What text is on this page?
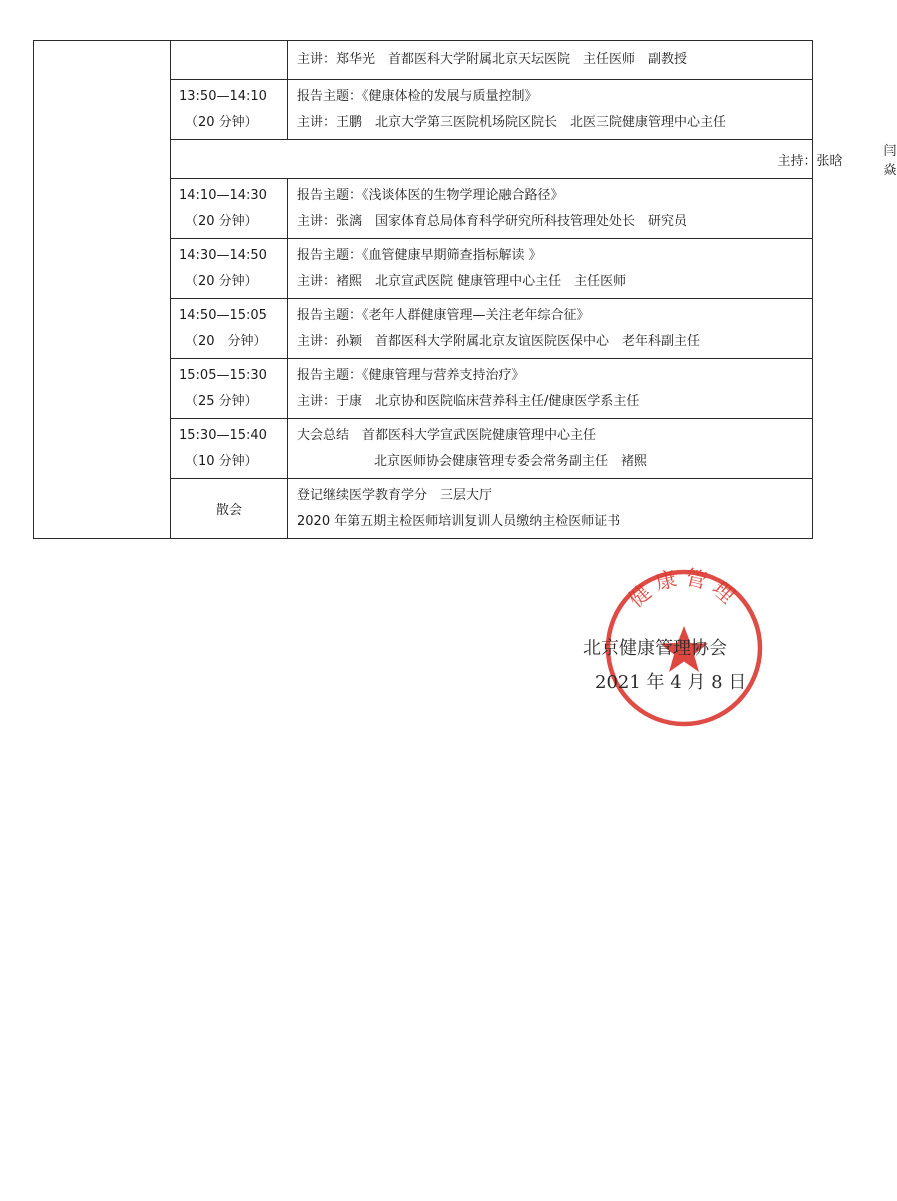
		主讲：郑华光　首都医科大学附属北京天坛医院　主任医师　副教授	

	13:50—14:10
（20 分钟）	报告主题：《健康体检的发展与质量控制》
主讲：王鹏　北京大学第三医院机场院区院长　北医三院健康管理中心主任	

	主持：张晗		闫焱

	14:10—14:30
（20 分钟）	报告主题：《浅谈体医的生物学理论融合路径》
主讲：张漓　国家体育总局体育科学研究所科技管理处处长　研究员	

	14:30—14:50
（20 分钟）	报告主题：《血管健康早期筛查指标解读 》
主讲：褚熙　北京宣武医院 健康管理中心主任　主任医师	

	14:50—15:05
（20　分钟）	报告主题：《老年人群健康管理—关注老年综合征》
主讲：孙颖　首都医科大学附属北京友谊医院医保中心　老年科副主任	

	15:05—15:30
（25 分钟）	报告主题：《健康管理与营养支持治疗》
主讲：于康　北京协和医院临床营养科主任/健康医学系主任	

	15:30—15:40
（10 分钟）	大会总结　首都医科大学宣武医院健康管理中心主任
北京医师协会健康管理专委会常务副主任　褚熙	

	散会	登记继续医学教育学分　三层大厅
2020 年第五期主检医师培训复训人员缴纳主检医师证书	
健康管理
北京健康管理协会
2021 年 4 月 8 日
